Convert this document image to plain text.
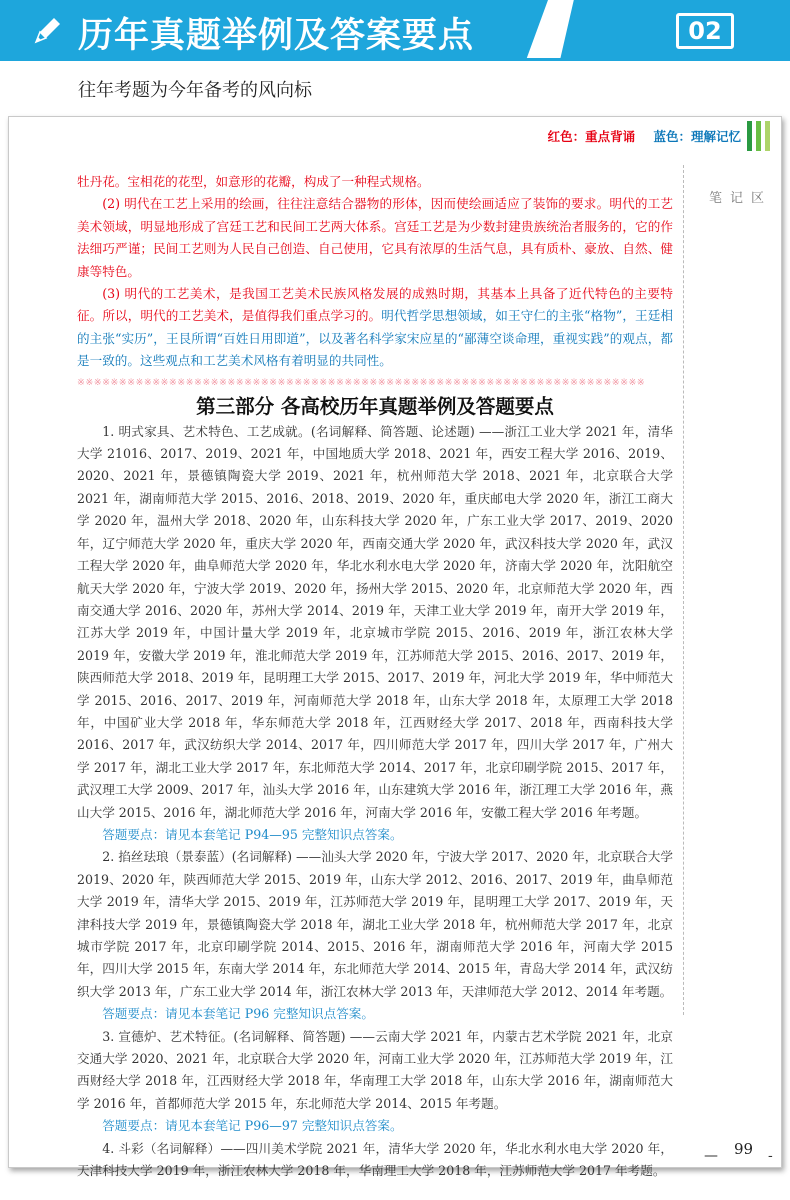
历年真题举例及答案要点	02
往年考题为今年备考的风向标
红色：重点背诵 蓝色：理解记忆
笔记区

牡丹花。宝相花的花型，如意形的花瓣，构成了一种程式规格。

(2) 明代在工艺上采用的绘画，往往注意结合器物的形体，因而使绘画适应了装饰的要求。明代的工艺美术领域，明显地形成了宫廷工艺和民间工艺两大体系。宫廷工艺是为少数封建贵族统治者服务的，它的作法细巧严谨；民间工艺则为人民自己创造、自己使用，它具有浓厚的生活气息，具有质朴、豪放、自然、健康等特色。

(3) 明代的工艺美术，是我国工艺美术民族风格发展的成熟时期，其基本上具备了近代特色的主要特征。所以，明代的工艺美术，是值得我们重点学习的。明代哲学思想领域，如王守仁的主张“格物”，王廷相的主张“实历”，王艮所谓“百姓日用即道”，以及著名科学家宋应星的“鄙薄空谈命理，重视实践”的观点，都是一致的。这些观点和工艺美术风格有着明显的共同性。

※※※※※※※※※※※※※※※※※※※※※※※※※※※※※※※※※※※※※※※※※※※※※※※※※※※※※※※※※※※※※※※※※※※※
第三部分 各高校历年真题举例及答题要点

1. 明式家具、艺术特色、工艺成就。(名词解释、简答题、论述题) ——浙江工业大学 2021 年，清华大学 21016、2017、2019、2021 年，中国地质大学 2018、2021 年，西安工程大学 2016、2019、2020、2021 年，景德镇陶瓷大学 2019、2021 年，杭州师范大学 2018、2021 年，北京联合大学 2021 年，湖南师范大学 2015、2016、2018、2019、2020 年，重庆邮电大学 2020 年，浙江工商大学 2020 年，温州大学 2018、2020 年，山东科技大学 2020 年，广东工业大学 2017、2019、2020 年，辽宁师范大学 2020 年，重庆大学 2020 年，西南交通大学 2020 年，武汉科技大学 2020 年，武汉工程大学 2020 年，曲阜师范大学 2020 年，华北水利水电大学 2020 年，济南大学 2020 年，沈阳航空航天大学 2020 年，宁波大学 2019、2020 年，扬州大学 2015、2020 年，北京师范大学 2020 年，西南交通大学 2016、2020 年，苏州大学 2014、2019 年，天津工业大学 2019 年，南开大学 2019 年，江苏大学 2019 年，中国计量大学 2019 年，北京城市学院 2015、2016、2019 年，浙江农林大学 2019 年，安徽大学 2019 年，淮北师范大学 2019 年，江苏师范大学 2015、2016、2017、2019 年，陕西师范大学 2018、2019 年，昆明理工大学 2015、2017、2019 年，河北大学 2019 年，华中师范大学 2015、2016、2017、2019 年，河南师范大学 2018 年，山东大学 2018 年，太原理工大学 2018 年，中国矿业大学 2018 年，华东师范大学 2018 年，江西财经大学 2017、2018 年，西南科技大学 2016、2017 年，武汉纺织大学 2014、2017 年，四川师范大学 2017 年，四川大学 2017 年，广州大学 2017 年，湖北工业大学 2017 年，东北师范大学 2014、2017 年，北京印刷学院 2015、2017 年，武汉理工大学 2009、2017 年，汕头大学 2016 年，山东建筑大学 2016 年，浙江理工大学 2016 年，燕山大学 2015、2016 年，湖北师范大学 2016 年，河南大学 2016 年，安徽工程大学 2016 年考题。

答题要点：请见本套笔记 P94—95 完整知识点答案。

2. 掐丝珐琅（景泰蓝）(名词解释) ——汕头大学 2020 年，宁波大学 2017、2020 年，北京联合大学 2019、2020 年，陕西师范大学 2015、2019 年，山东大学 2012、2016、2017、2019 年，曲阜师范大学 2019 年，清华大学 2015、2019 年，江苏师范大学 2019 年，昆明理工大学 2017、2019 年，天津科技大学 2019 年，景德镇陶瓷大学 2018 年，湖北工业大学 2018 年，杭州师范大学 2017 年，北京城市学院 2017 年，北京印刷学院 2014、2015、2016 年，湖南师范大学 2016 年，河南大学 2015 年，四川大学 2015 年，东南大学 2014 年，东北师范大学 2014、2015 年，青岛大学 2014 年，武汉纺织大学 2013 年，广东工业大学 2014 年，浙江农林大学 2013 年，天津师范大学 2012、2014 年考题。

答题要点：请见本套笔记 P96 完整知识点答案。

3. 宣德炉、艺术特征。(名词解释、简答题) ——云南大学 2021 年，内蒙古艺术学院 2021 年，北京交通大学 2020、2021 年，北京联合大学 2020 年，河南工业大学 2020 年，江苏师范大学 2019 年，江西财经大学 2018 年，江西财经大学 2018 年，华南理工大学 2018 年，山东大学 2016 年，湖南师范大学 2016 年，首都师范大学 2015 年，东北师范大学 2014、2015 年考题。

答题要点：请见本套笔记 P96—97 完整知识点答案。

4. 斗彩（名词解释）——四川美术学院 2021 年，清华大学 2020 年，华北水利水电大学 2020 年，天津科技大学 2019 年，浙江农林大学 2018 年，华南理工大学 2018 年，江苏师范大学 2017 年考题。

— 99 -
